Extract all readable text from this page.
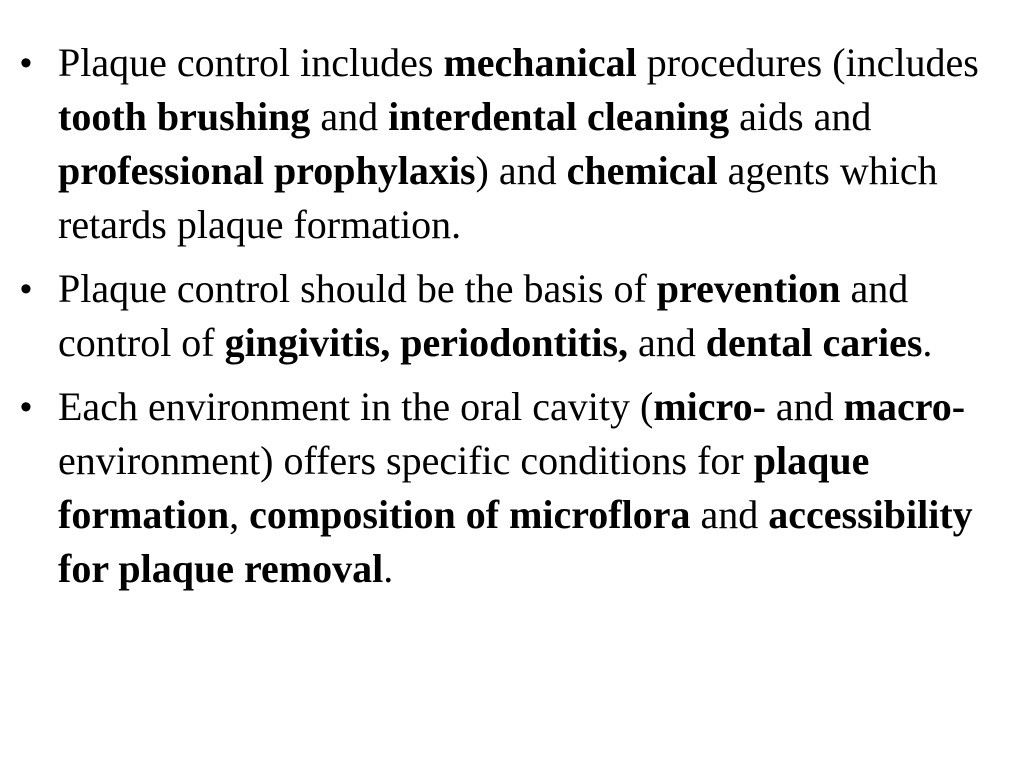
• Plaque control includes mechanical procedures (includes tooth brushing and interdental cleaning aids and professional prophylaxis) and chemical agents which retards plaque formation.
• Plaque control should be the basis of prevention and control of gingivitis, periodontitis, and dental caries.
• Each environment in the oral cavity (micro- and macro-environment) offers specific conditions for plaque formation, composition of microflora and accessibility for plaque removal.
